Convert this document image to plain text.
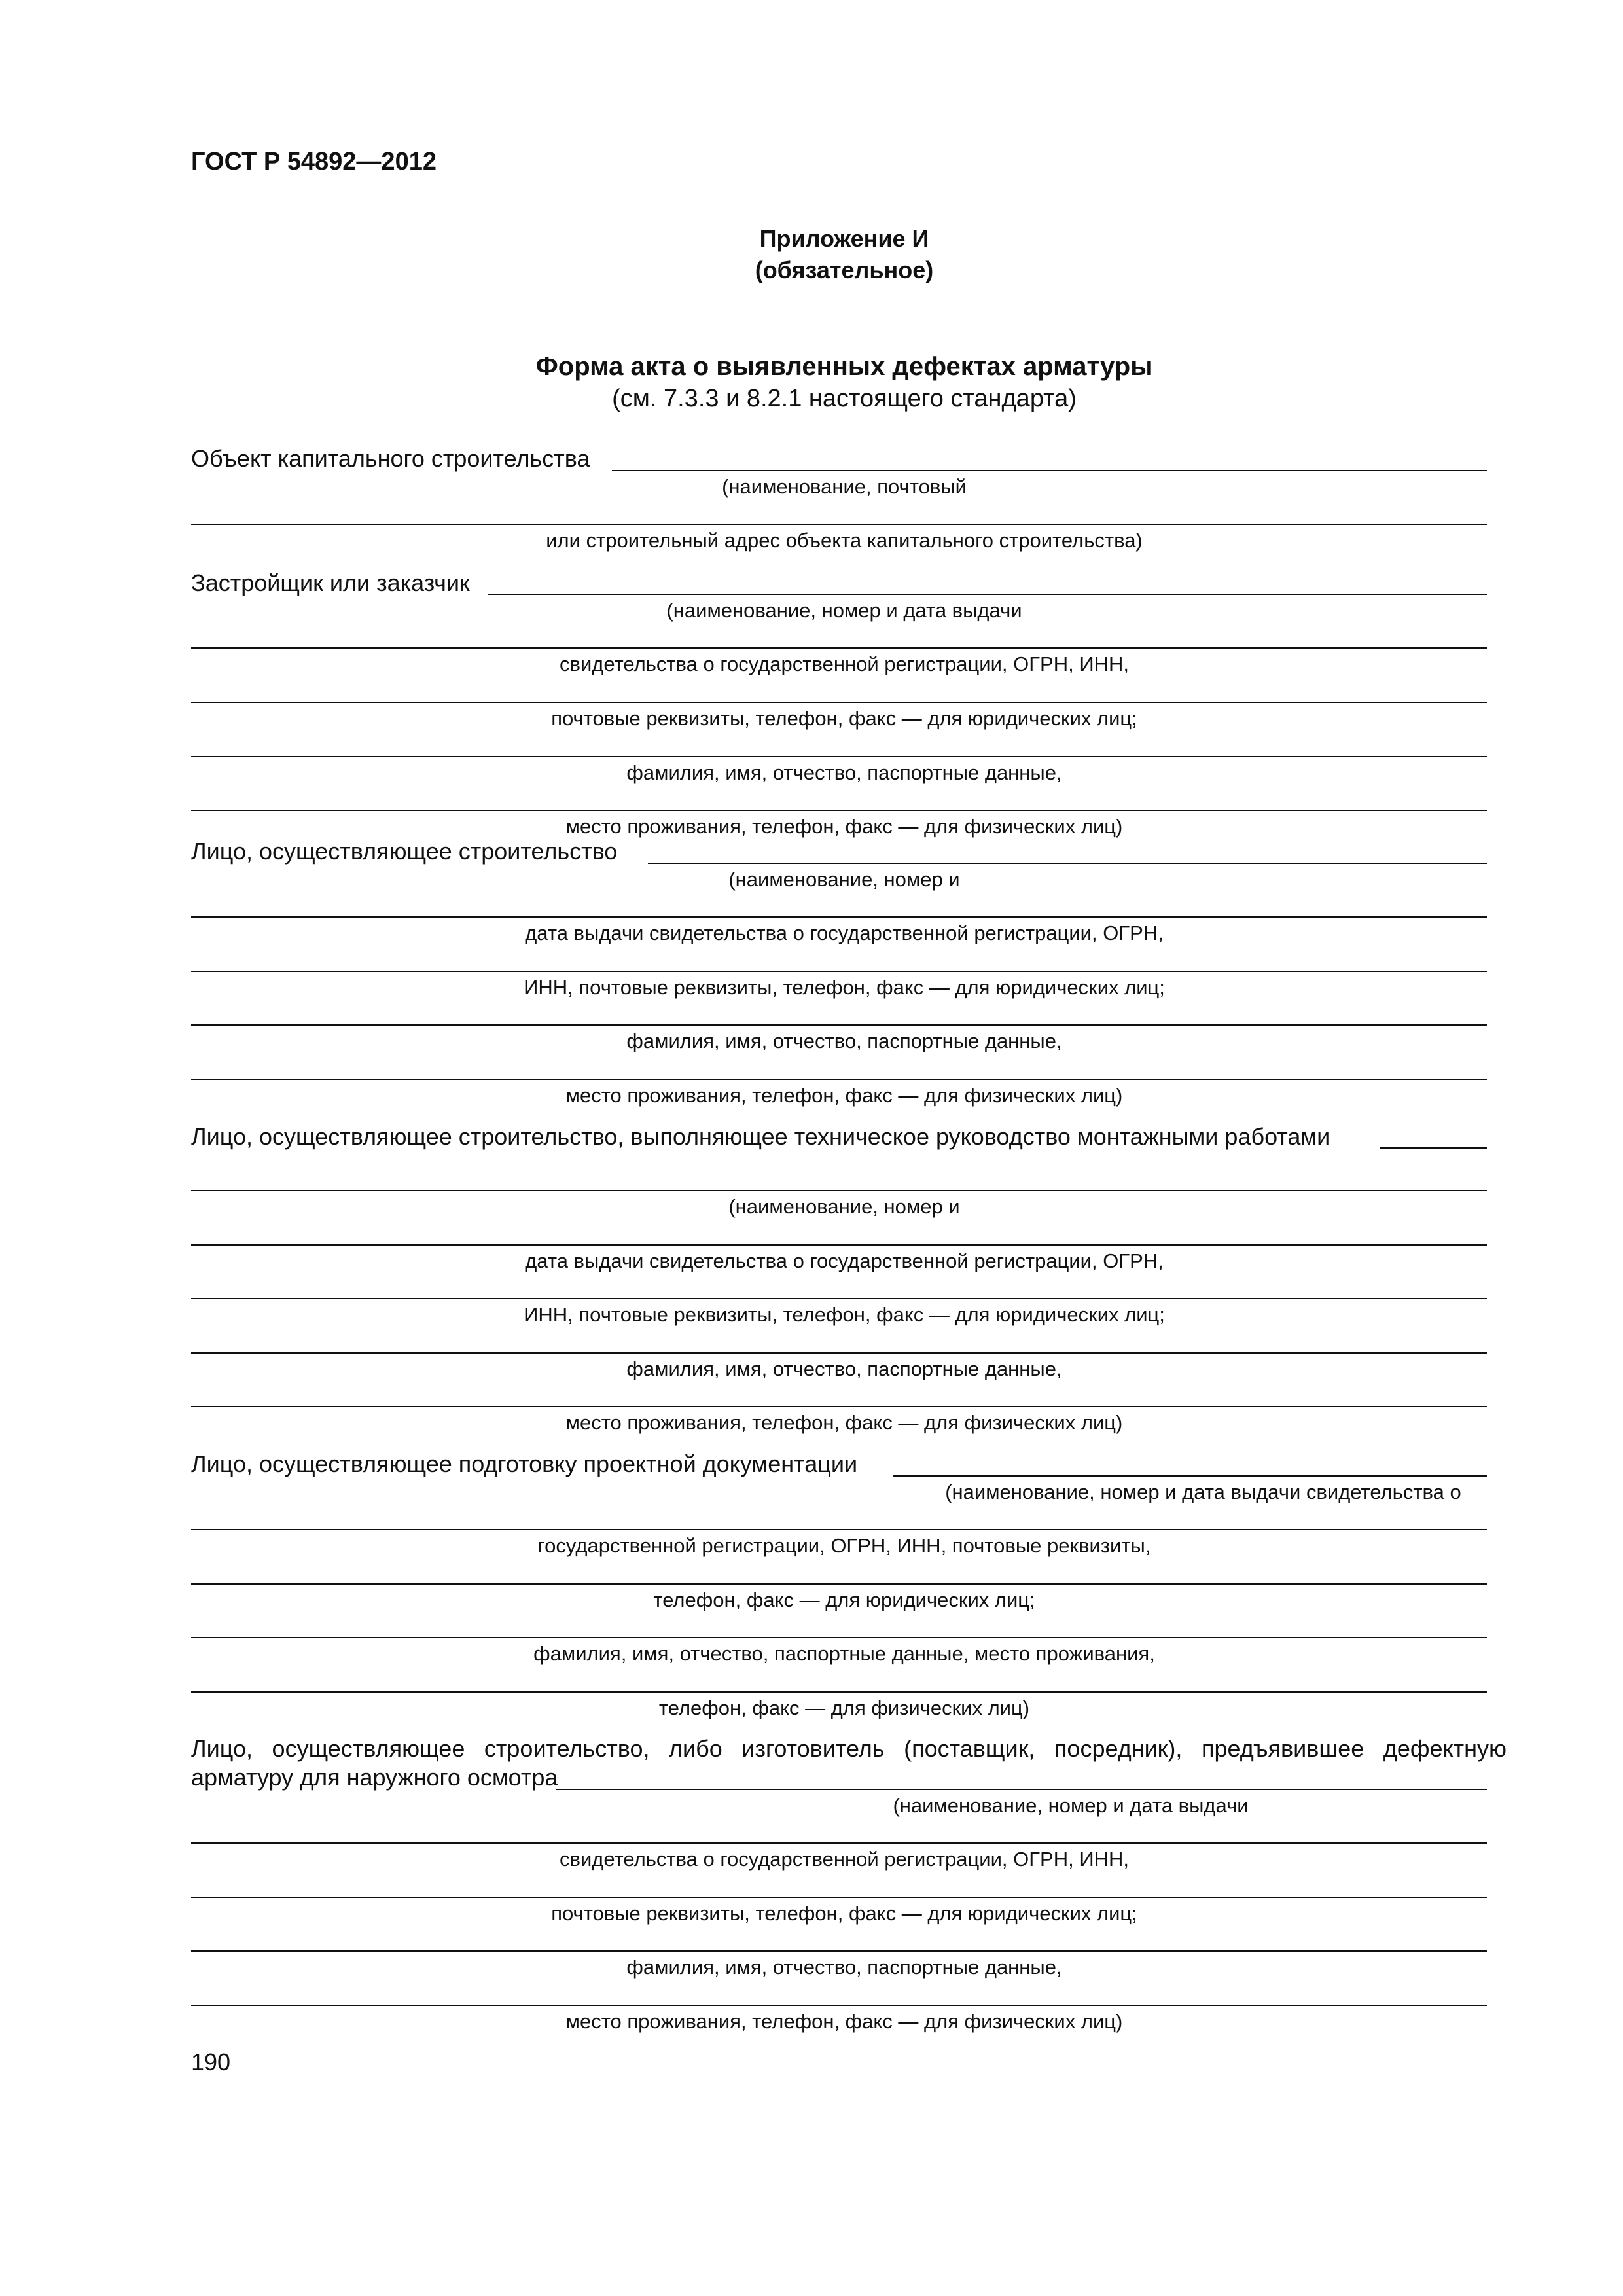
ГОСТ Р 54892—2012
Приложение И
(обязательное)
Форма акта о выявленных дефектах арматуры
(см. 7.3.3 и 8.2.1 настоящего стандарта)
Объект капитального строительства
(наименование, почтовый
или строительный адрес объекта капитального строительства)
Застройщик или заказчик
(наименование, номер и дата выдачи
свидетельства о государственной регистрации, ОГРН, ИНН,
почтовые реквизиты, телефон, факс — для юридических лиц;
фамилия, имя, отчество, паспортные данные,
место проживания, телефон, факс — для физических лиц)
Лицо, осуществляющее строительство
(наименование, номер и
дата выдачи свидетельства о государственной регистрации, ОГРН,
ИНН, почтовые реквизиты, телефон, факс — для юридических лиц;
фамилия, имя, отчество, паспортные данные,
место проживания, телефон, факс — для физических лиц)
Лицо, осуществляющее строительство, выполняющее техническое руководство монтажными работами
(наименование, номер и
дата выдачи свидетельства о государственной регистрации, ОГРН,
ИНН, почтовые реквизиты, телефон, факс — для юридических лиц;
фамилия, имя, отчество, паспортные данные,
место проживания, телефон, факс — для физических лиц)
Лицо, осуществляющее подготовку проектной документации
(наименование, номер и дата выдачи свидетельства о
государственной регистрации, ОГРН, ИНН, почтовые реквизиты,
телефон, факс — для юридических лиц;
фамилия, имя, отчество, паспортные данные, место проживания,
телефон, факс — для физических лиц)
Лицо, осуществляющее строительство, либо изготовитель (поставщик, посредник), предъявившее дефектную арматуру для наружного осмотра
(наименование, номер и дата выдачи
свидетельства о государственной регистрации, ОГРН, ИНН,
почтовые реквизиты, телефон, факс — для юридических лиц;
фамилия, имя, отчество, паспортные данные,
место проживания, телефон, факс — для физических лиц)
190
